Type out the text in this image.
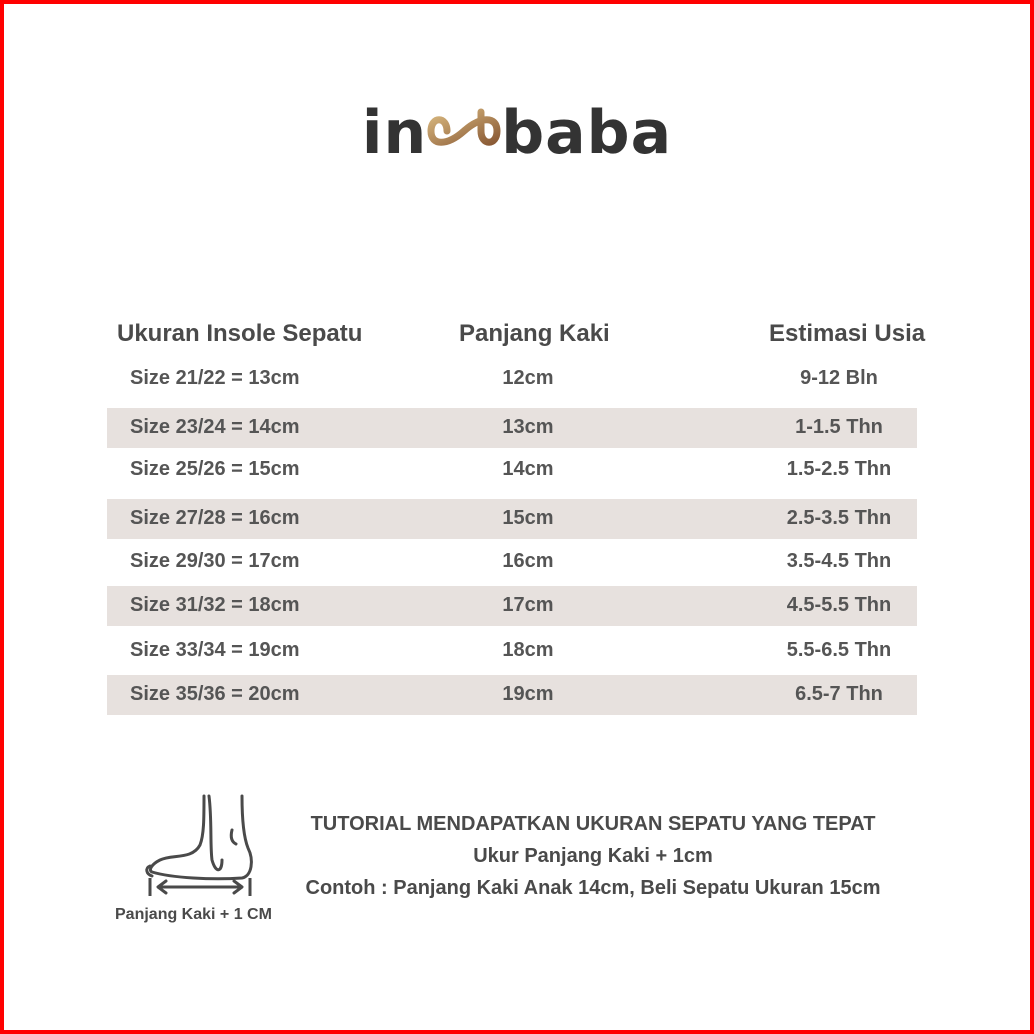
in baba
Ukuran Insole Sepatu	Panjang Kaki	Estimasi Usia
Size 21/22 = 13cm	12cm	9-12 Bln
Size 23/24 = 14cm	13cm	1-1.5 Thn
Size 25/26 = 15cm	14cm	1.5-2.5 Thn
Size 27/28 = 16cm	15cm	2.5-3.5 Thn
Size 29/30 = 17cm	16cm	3.5-4.5 Thn
Size 31/32 = 18cm	17cm	4.5-5.5 Thn
Size 33/34 = 19cm	18cm	5.5-6.5 Thn
Size 35/36 = 20cm	19cm	6.5-7 Thn
Panjang Kaki + 1 CM
TUTORIAL MENDAPATKAN UKURAN SEPATU YANG TEPAT
Ukur Panjang Kaki + 1cm
Contoh : Panjang Kaki Anak 14cm, Beli Sepatu Ukuran 15cm
